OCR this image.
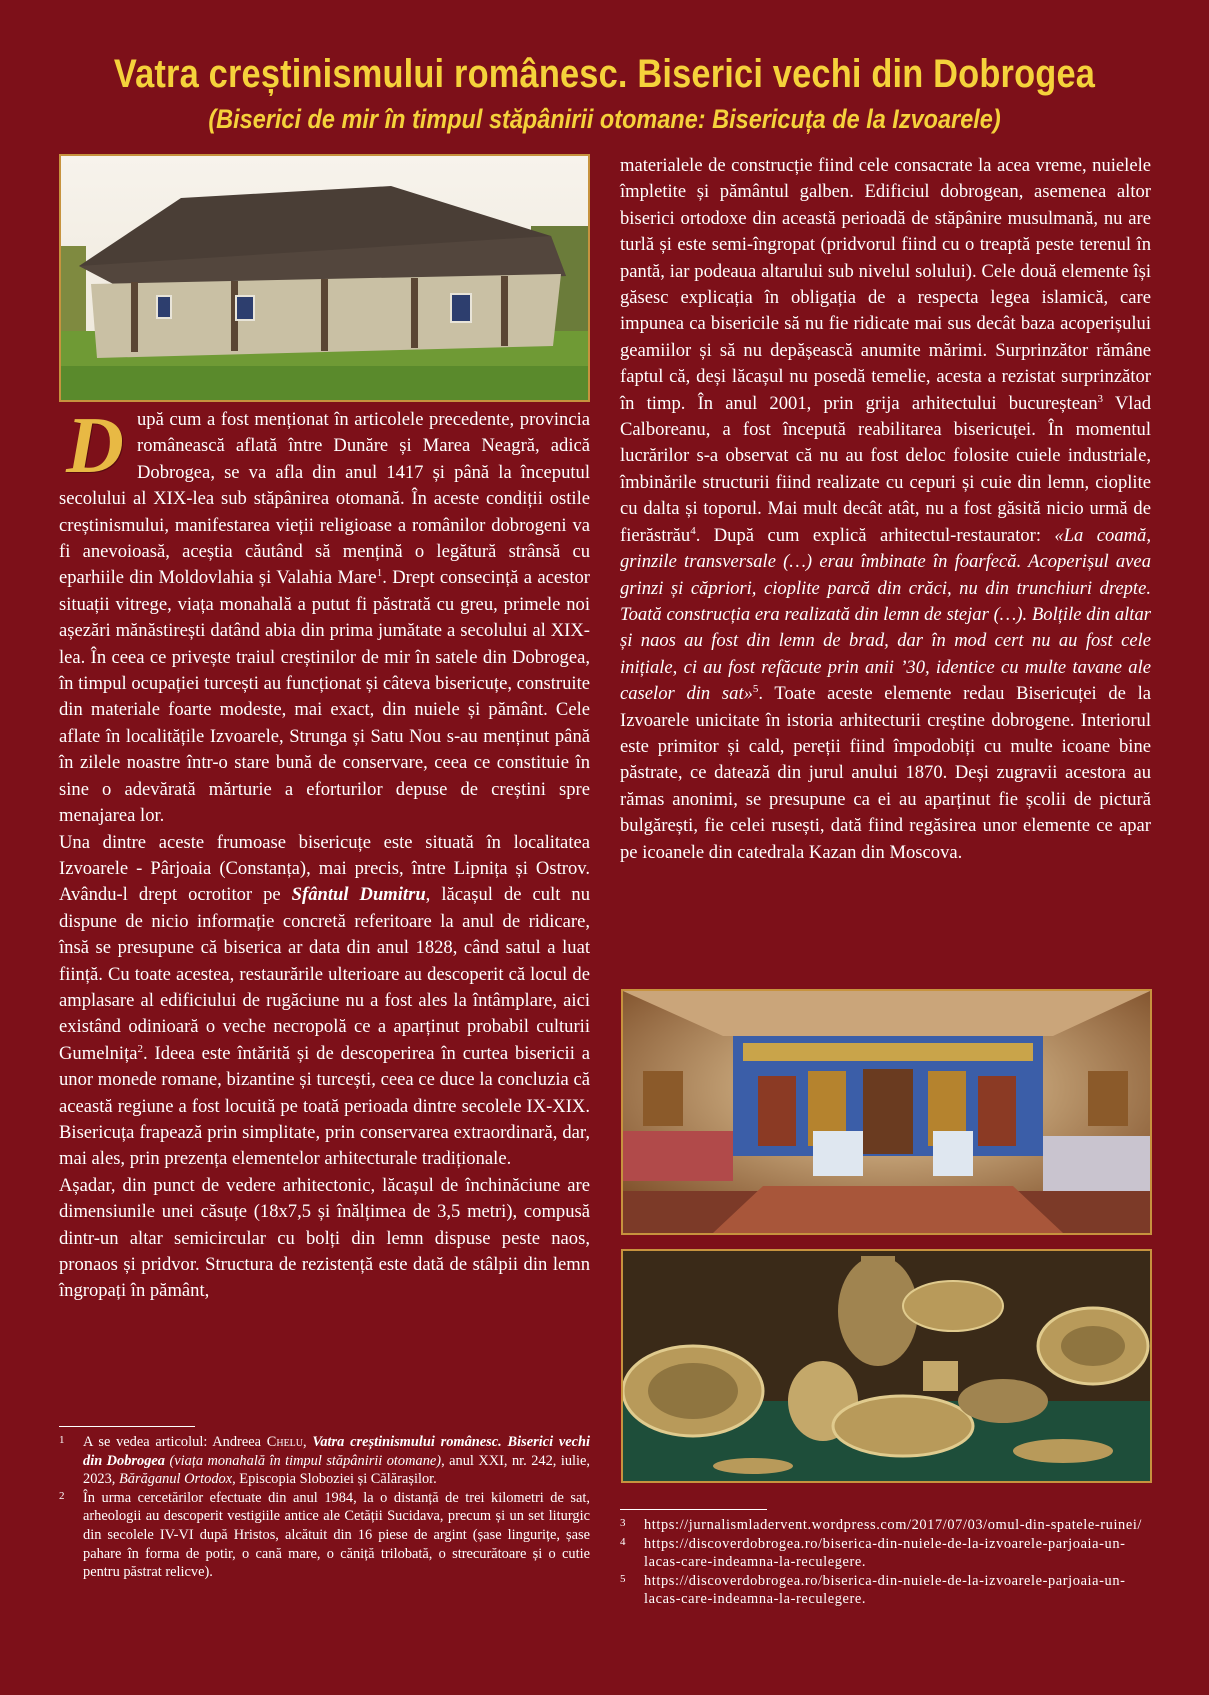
Vatra creștinismului românesc. Biserici vechi din Dobrogea
(Biserici de mir în timpul stăpânirii otomane: Bisericuța de la Izvoarele)
D upă cum a fost menționat în articolele precedente, provincia românească aflată între Dunăre și Marea Neagră, adică Dobrogea, se va afla din anul 1417 și până la începutul secolului al XIX-lea sub stăpânirea otomană. În aceste condiții ostile creștinismului, manifestarea vieții religioase a românilor dobrogeni va fi anevoioasă, aceștia căutând să mențină o legătură strânsă cu eparhiile din Moldovlahia și Valahia Mare$^1$. Drept consecință a acestor situații vitrege, viața monahală a putut fi păstrată cu greu, primele noi așezări mănăstirești datând abia din prima jumătate a secolului al XIX-lea. În ceea ce privește traiul creștinilor de mir în satele din Dobrogea, în timpul ocupației turcești au funcționat și câteva bisericuțe, construite din materiale foarte modeste, mai exact, din nuiele și pământ. Cele aflate în localitățile Izvoarele, Strunga și Satu Nou s-au menținut până în zilele noastre într-o stare bună de conservare, ceea ce constituie în sine o adevărată mărturie a eforturilor depuse de creștini spre menajarea lor.

Una dintre aceste frumoase bisericuțe este situată în localitatea Izvoarele - Pârjoaia (Constanța), mai precis, între Lipnița și Ostrov. Avându-l drept ocrotitor pe Sfântul Dumitru, lăcașul de cult nu dispune de nicio informație concretă referitoare la anul de ridicare, însă se presupune că biserica ar data din anul 1828, când satul a luat ființă. Cu toate acestea, restaurările ulterioare au descoperit că locul de amplasare al edificiului de rugăciune nu a fost ales la întâmplare, aici existând odinioară o veche necropolă ce a aparținut probabil culturii Gumelnița$^2$. Ideea este întărită și de descoperirea în curtea bisericii a unor monede romane, bizantine și turcești, ceea ce duce la concluzia că această regiune a fost locuită pe toată perioada dintre secolele IX-XIX. Bisericuța frapează prin simplitate, prin conservarea extraordinară, dar, mai ales, prin prezența elementelor arhitecturale tradiționale.

Așadar, din punct de vedere arhitectonic, lăcașul de închinăciune are dimensiunile unei căsuțe (18x7,5 și înălțimea de 3,5 metri), compusă dintr-un altar semicircular cu bolți din lemn dispuse peste naos, pronaos și pridvor. Structura de rezistență este dată de stâlpii din lemn îngropați în pământ,

1 A se vedea articolul: Andreea Chelu, Vatra creștinismului românesc. Biserici vechi din Dobrogea (viața monahală în timpul stăpânirii otomane), anul XXI, nr. 242, iulie, 2023, Bărăganul Ortodox, Episcopia Sloboziei și Călărașilor.
2 În urma cercetărilor efectuate din anul 1984, la o distanță de trei kilometri de sat, arheologii au descoperit vestigiile antice ale Cetății Sucidava, precum și un set liturgic din secolele IV-VI după Hristos, alcătuit din 16 piese de argint (șase lingurițe, șase pahare în forma de potir, o cană mare, o căniță trilobată, o strecurătoare și o cutie pentru păstrat relicve).

materialele de construcție fiind cele consacrate la acea vreme, nuielele împletite și pământul galben. Edificiul dobrogean, asemenea altor biserici ortodoxe din această perioadă de stăpânire musulmană, nu are turlă și este semi-îngropat (pridvorul fiind cu o treaptă peste terenul în pantă, iar podeaua altarului sub nivelul solului). Cele două elemente își găsesc explicația în obligația de a respecta legea islamică, care impunea ca bisericile să nu fie ridicate mai sus decât baza acoperișului geamiilor și să nu depășească anumite mărimi. Surprinzător rămâne faptul că, deși lăcașul nu posedă temelie, acesta a rezistat surprinzător în timp. În anul 2001, prin grija arhitectului bucureștean$^3$ Vlad Calboreanu, a fost începută reabilitarea bisericuței. În momentul lucrărilor s-a observat că nu au fost deloc folosite cuiele industriale, îmbinările structurii fiind realizate cu cepuri și cuie din lemn, cioplite cu dalta și toporul. Mai mult decât atât, nu a fost găsită nicio urmă de fierăstrău$^4$. După cum explică arhitectul-restaurator: «La coamă, grinzile transversale (…) erau îmbinate în foarfecă. Acoperișul avea grinzi și căpriori, cioplite parcă din crăci, nu din trunchiuri drepte. Toată construcția era realizată din lemn de stejar (…). Bolțile din altar și naos au fost din lemn de brad, dar în mod cert nu au fost cele inițiale, ci au fost refăcute prin anii ’30, identice cu multe tavane ale caselor din sat»$^5$. Toate aceste elemente redau Bisericuței de la Izvoarele unicitate în istoria arhitecturii creștine dobrogene. Interiorul este primitor și cald, pereții fiind împodobiți cu multe icoane bine păstrate, ce datează din jurul anului 1870. Deși zugravii acestora au rămas anonimi, se presupune ca ei au aparținut fie școlii de pictură bulgărești, fie celei rusești, dată fiind regăsirea unor elemente ce apar pe icoanele din catedrala Kazan din Moscova.

3 https://jurnalismladervent.wordpress.com/2017/07/03/omul-din-spatele-ruinei/
4 https://discoverdobrogea.ro/biserica-din-nuiele-de-la-izvoarele-parjoaia-un-lacas-care-indeamna-la-reculegere.
5 https://discoverdobrogea.ro/biserica-din-nuiele-de-la-izvoarele-parjoaia-un-lacas-care-indeamna-la-reculegere.
